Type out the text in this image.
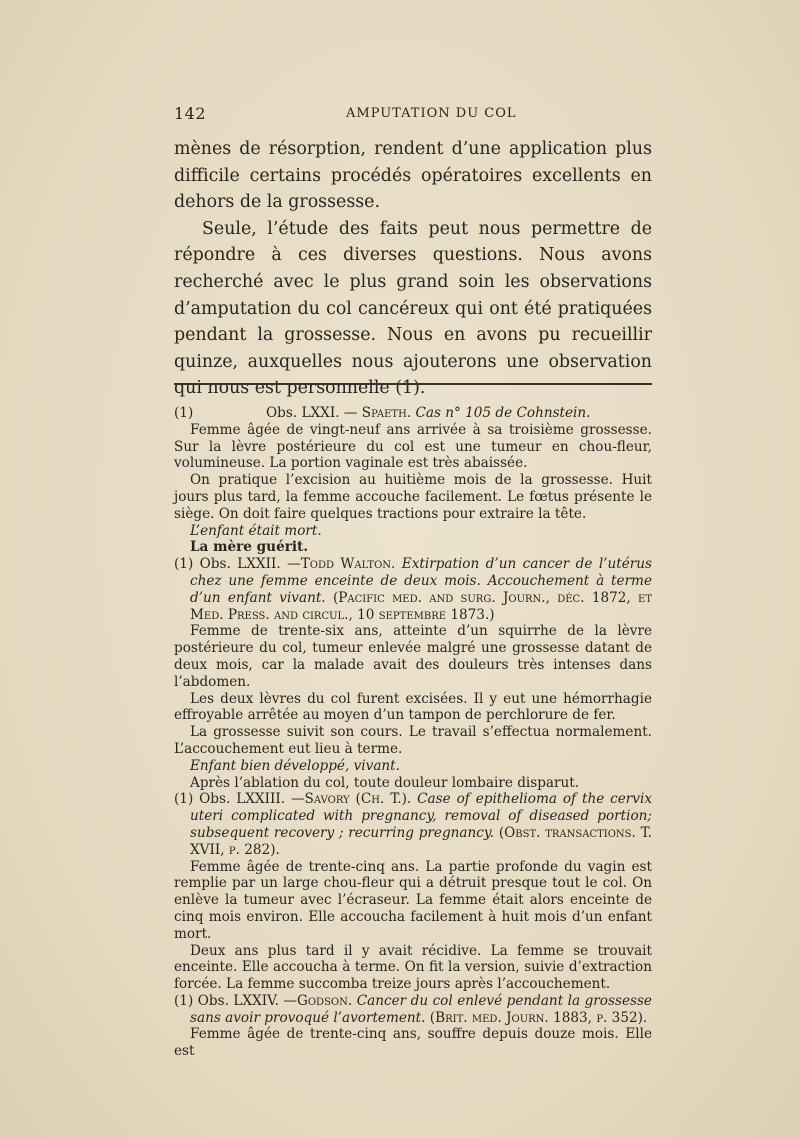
142	AMPUTATION DU COL

mènes de résorption, rendent d’une application plus difficile certains procédés opératoires excellents en dehors de la grossesse.

Seule, l’étude des faits peut nous permettre de répondre à ces diverses questions. Nous avons recherché avec le plus grand soin les observations d’amputation du col cancéreux qui ont été pratiquées pendant la grossesse. Nous en avons pu recueillir quinze, auxquelles nous ajouterons une observation qui nous est personnelle (1).

(1)	Obs. LXXI. — Spaeth. Cas n° 105 de Cohnstein.

Femme âgée de vingt-neuf ans arrivée à sa troisième grossesse. Sur la lèvre postérieure du col est une tumeur en chou-fleur, volumineuse. La portion vaginale est très abaissée.

On pratique l’excision au huitième mois de la grossesse. Huit jours plus tard, la femme accouche facilement. Le fœtus présente le siège. On doit faire quelques tractions pour extraire la tête.

L’enfant était mort.

La mère guérit.

(1) Obs. LXXII. —Todd Walton. Extirpation d’un cancer de l’utérus chez une femme enceinte de deux mois. Accouchement à terme d’un enfant vivant. (Pacific med. and surg. Journ., déc. 1872, et Med. Press. and circul., 10 septembre 1873.)

Femme de trente-six ans, atteinte d’un squirrhe de la lèvre postérieure du col, tumeur enlevée malgré une grossesse datant de deux mois, car la malade avait des douleurs très intenses dans l’abdomen.

Les deux lèvres du col furent excisées. Il y eut une hémorrhagie effroyable arrêtée au moyen d’un tampon de perchlorure de fer.

La grossesse suivit son cours. Le travail s’effectua normalement. L’accouchement eut lieu à terme.

Enfant bien développé, vivant.

Après l’ablation du col, toute douleur lombaire disparut.

(1) Obs. LXXIII. —Savory (Ch. T.). Case of epithelioma of the cervix uteri complicated with pregnancy, removal of diseased portion; subsequent recovery ; recurring pregnancy. (Obst. transactions. T. XVII, p. 282).

Femme âgée de trente-cinq ans. La partie profonde du vagin est remplie par un large chou-fleur qui a détruit presque tout le col. On enlève la tumeur avec l’écraseur. La femme était alors enceinte de cinq mois environ. Elle accoucha facilement à huit mois d’un enfant mort.

Deux ans plus tard il y avait récidive. La femme se trouvait enceinte. Elle accoucha à terme. On fit la version, suivie d’extraction forcée. La femme succomba treize jours après l’accouchement.

(1) Obs. LXXIV. —Godson. Cancer du col enlevé pendant la grossesse sans avoir provoqué l’avortement. (Brit. med. Journ. 1883, p. 352).

Femme âgée de trente-cinq ans, souffre depuis douze mois. Elle est
